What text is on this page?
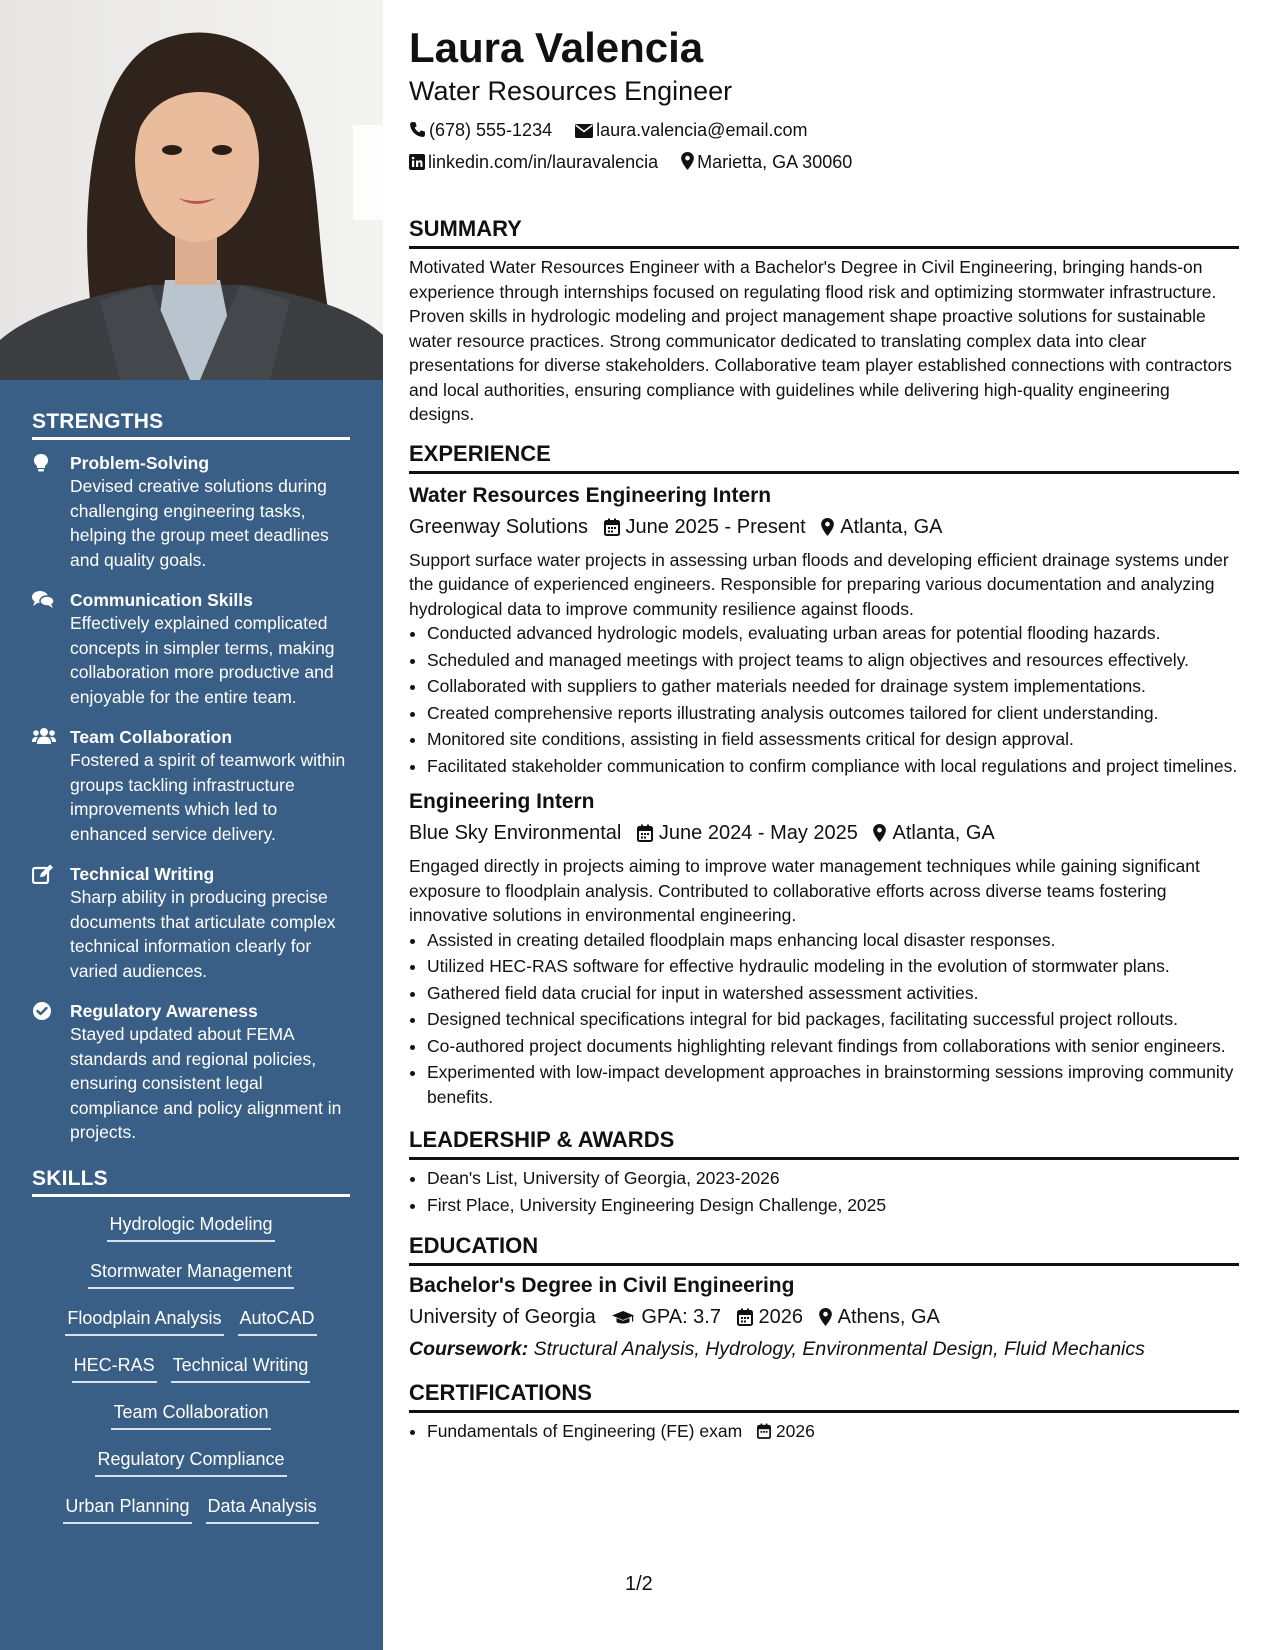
STRENGTHS
Problem-Solving
Devised creative solutions during challenging engineering tasks, helping the group meet deadlines and quality goals.
Communication Skills
Effectively explained complicated concepts in simpler terms, making collaboration more productive and enjoyable for the entire team.
Team Collaboration
Fostered a spirit of teamwork within groups tackling infrastructure improvements which led to enhanced service delivery.
Technical Writing
Sharp ability in producing precise documents that articulate complex technical information clearly for varied audiences.
Regulatory Awareness
Stayed updated about FEMA standards and regional policies, ensuring consistent legal compliance and policy alignment in projects.
SKILLS
Hydrologic Modeling
Stormwater Management
Floodplain Analysis AutoCAD
HEC-RAS Technical Writing
Team Collaboration
Regulatory Compliance
Urban Planning Data Analysis
Laura Valencia
Water Resources Engineer
(678) 555-1234 laura.valencia@email.com
linkedin.com/in/lauravalencia Marietta, GA 30060
SUMMARY

Motivated Water Resources Engineer with a Bachelor's Degree in Civil Engineering, bringing hands-on experience through internships focused on regulating flood risk and optimizing stormwater infrastructure. Proven skills in hydrologic modeling and project management shape proactive solutions for sustainable water resource practices. Strong communicator dedicated to translating complex data into clear presentations for diverse stakeholders. Collaborative team player established connections with contractors and local authorities, ensuring compliance with guidelines while delivering high-quality engineering designs.

EXPERIENCE
Water Resources Engineering Intern
Greenway Solutions June 2025 - Present Atlanta, GA

Support surface water projects in assessing urban floods and developing efficient drainage systems under the guidance of experienced engineers. Responsible for preparing various documentation and analyzing hydrological data to improve community resilience against floods.

• Conducted advanced hydrologic models, evaluating urban areas for potential flooding hazards.
• Scheduled and managed meetings with project teams to align objectives and resources effectively.
• Collaborated with suppliers to gather materials needed for drainage system implementations.
• Created comprehensive reports illustrating analysis outcomes tailored for client understanding.
• Monitored site conditions, assisting in field assessments critical for design approval.
• Facilitated stakeholder communication to confirm compliance with local regulations and project timelines.
Engineering Intern
Blue Sky Environmental June 2024 - May 2025 Atlanta, GA

Engaged directly in projects aiming to improve water management techniques while gaining significant exposure to floodplain analysis. Contributed to collaborative efforts across diverse teams fostering innovative solutions in environmental engineering.

• Assisted in creating detailed floodplain maps enhancing local disaster responses.
• Utilized HEC-RAS software for effective hydraulic modeling in the evolution of stormwater plans.
• Gathered field data crucial for input in watershed assessment activities.
• Designed technical specifications integral for bid packages, facilitating successful project rollouts.
• Co-authored project documents highlighting relevant findings from collaborations with senior engineers.
• Experimented with low-impact development approaches in brainstorming sessions improving community benefits.
LEADERSHIP & AWARDS
• Dean's List, University of Georgia, 2023-2026
• First Place, University Engineering Design Challenge, 2025
EDUCATION
Bachelor's Degree in Civil Engineering
University of Georgia GPA: 3.7 2026 Athens, GA
Coursework: Structural Analysis, Hydrology, Environmental Design, Fluid Mechanics
CERTIFICATIONS
• Fundamentals of Engineering (FE) exam 2026
1/2
